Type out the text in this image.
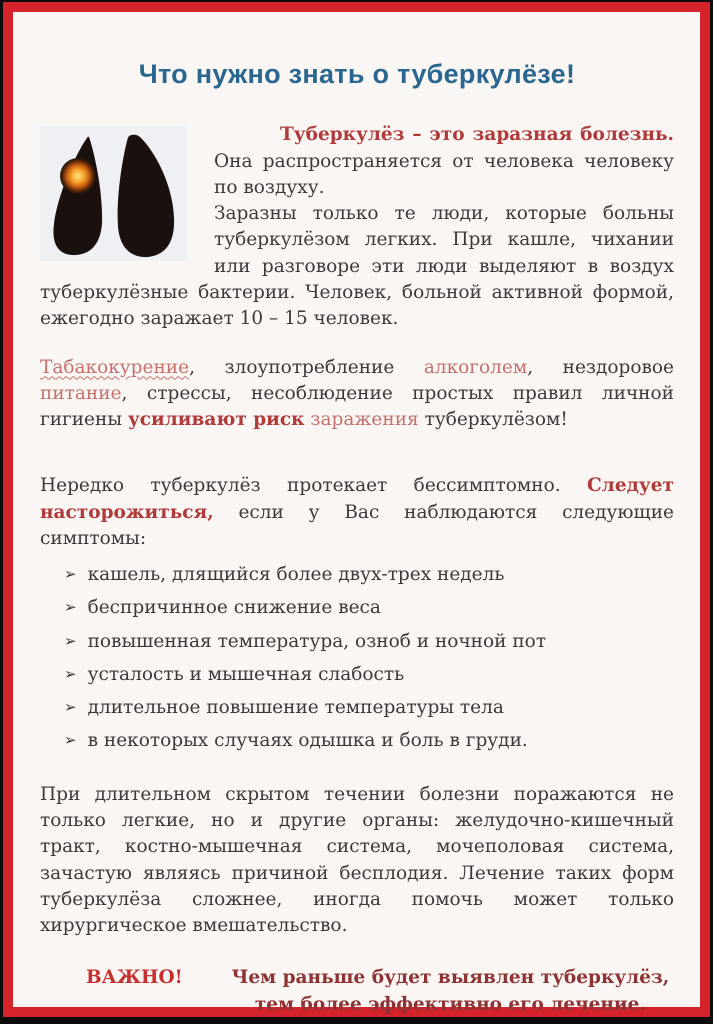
Что нужно знать о туберкулёзе!

Туберкулёз – это заразная болезнь. Она распространяется от человека человеку по воздуху.

Заразны только те люди, которые больны туберкулёзом легких. При кашле, чихании или разговоре эти люди выделяют в воздух туберкулёзные бактерии. Человек, больной активной формой, ежегодно заражает 10 – 15 человек.

Табакокурение, злоупотребление алкоголем, нездоровое питание, стрессы, несоблюдение простых правил личной гигиены усиливают риск заражения туберкулёзом!

Нередко туберкулёз протекает бессимптомно. Следует насторожиться, если у Вас наблюдаются следующие симптомы:

➢ кашель, длящийся более двух-трех недель
➢ беспричинное снижение веса
➢ повышенная температура, озноб и ночной пот
➢ усталость и мышечная слабость
➢ длительное повышение температуры тела
➢ в некоторых случаях одышка и боль в груди.

При длительном скрытом течении болезни поражаются не только легкие, но и другие органы: желудочно-кишечный тракт, костно-мышечная система, мочеполовая система, зачастую являясь причиной бесплодия. Лечение таких форм туберкулёза сложнее, иногда помочь может только хирургическое вмешательство.

ВАЖНО!	Чем раньше будет выявлен туберкулёз, тем более эффективно его лечение.
